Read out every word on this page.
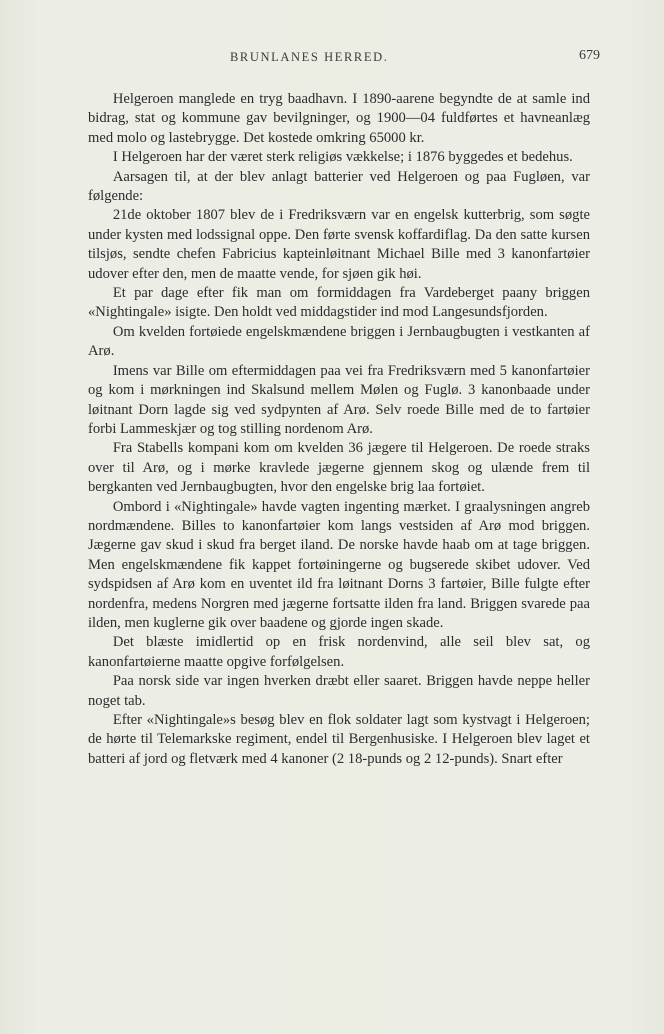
BRUNLANES HERRED.	679

Helgeroen manglede en tryg baadhavn. I 1890-aarene begyndte de at samle ind bidrag, stat og kommune gav bevilgninger, og 1900—04 fuldførtes et havneanlæg med molo og lastebrygge. Det kostede omkring 65000 kr.

I Helgeroen har der været sterk religiøs vækkelse; i 1876 byggedes et bedehus.

Aarsagen til, at der blev anlagt batterier ved Helgeroen og paa Fugløen, var følgende:

21de oktober 1807 blev de i Fredriksværn var en engelsk kutterbrig, som søgte under kysten med lodssignal oppe. Den førte svensk koffardiflag. Da den satte kursen tilsjøs, sendte chefen Fabricius kapteinløitnant Michael Bille med 3 kanonfartøier udover efter den, men de maatte vende, for sjøen gik høi.

Et par dage efter fik man om formiddagen fra Vardeberget paany briggen «Nightingale» isigte. Den holdt ved middagstider ind mod Langesundsfjorden.

Om kvelden fortøiede engelskmændene briggen i Jernbaugbugten i vestkanten af Arø.

Imens var Bille om eftermiddagen paa vei fra Fredriksværn med 5 kanonfartøier og kom i mørkningen ind Skalsund mellem Mølen og Fuglø. 3 kanonbaade under løitnant Dorn lagde sig ved sydpynten af Arø. Selv roede Bille med de to fartøier forbi Lammeskjær og tog stilling nordenom Arø.

Fra Stabells kompani kom om kvelden 36 jægere til Helgeroen. De roede straks over til Arø, og i mørke kravlede jægerne gjennem skog og ulænde frem til bergkanten ved Jernbaugbugten, hvor den engelske brig laa fortøiet.

Ombord i «Nightingale» havde vagten ingenting mærket. I graalysningen angreb nordmændene. Billes to kanonfartøier kom langs vestsiden af Arø mod briggen. Jægerne gav skud i skud fra berget iland. De norske havde haab om at tage briggen. Men engelskmændene fik kappet fortøiningerne og bugserede skibet udover. Ved sydspidsen af Arø kom en uventet ild fra løitnant Dorns 3 fartøier, Bille fulgte efter nordenfra, medens Norgren med jægerne fortsatte ilden fra land. Briggen svarede paa ilden, men kuglerne gik over baadene og gjorde ingen skade.

Det blæste imidlertid op en frisk nordenvind, alle seil blev sat, og kanonfartøierne maatte opgive forfølgelsen.

Paa norsk side var ingen hverken dræbt eller saaret. Briggen havde neppe heller noget tab.

Efter «Nightingale»s besøg blev en flok soldater lagt som kystvagt i Helgeroen; de hørte til Telemarkske regiment, endel til Bergenhusiske. I Helgeroen blev laget et batteri af jord og fletværk med 4 kanoner (2 18-punds og 2 12-punds). Snart efter
